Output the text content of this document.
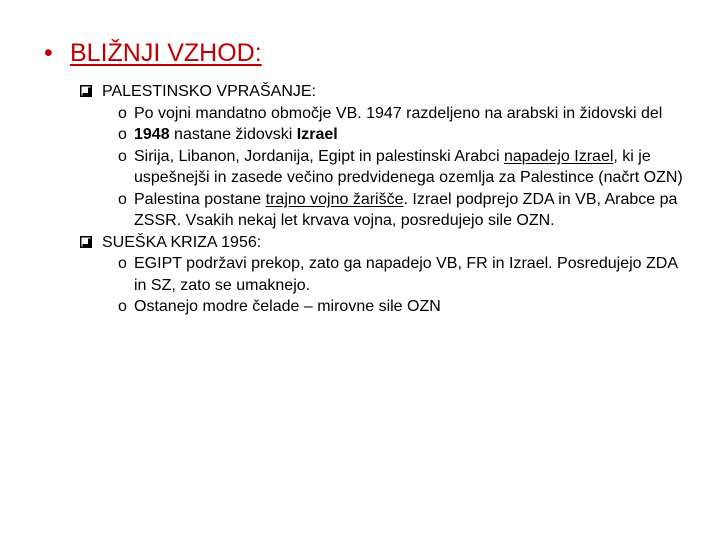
• BLIŽNJI VZHOD:
PALESTINSKO VPRAŠANJE:
o Po vojni mandatno območje VB. 1947 razdeljeno na arabski in židovski del
o 1948 nastane židovski Izrael
o Sirija, Libanon, Jordanija, Egipt in palestinski Arabci napadejo Izrael, ki je uspešnejši in zasede večino predvidenega ozemlja za Palestince (načrt OZN)
o Palestina postane trajno vojno žarišče. Izrael podprejo ZDA in VB, Arabce pa ZSSR. Vsakih nekaj let krvava vojna, posredujejo sile OZN.
SUEŠKA KRIZA 1956:
o EGIPT podržavi prekop, zato ga napadejo VB, FR in Izrael. Posredujejo ZDA in SZ, zato se umaknejo.
o Ostanejo modre čelade – mirovne sile OZN
